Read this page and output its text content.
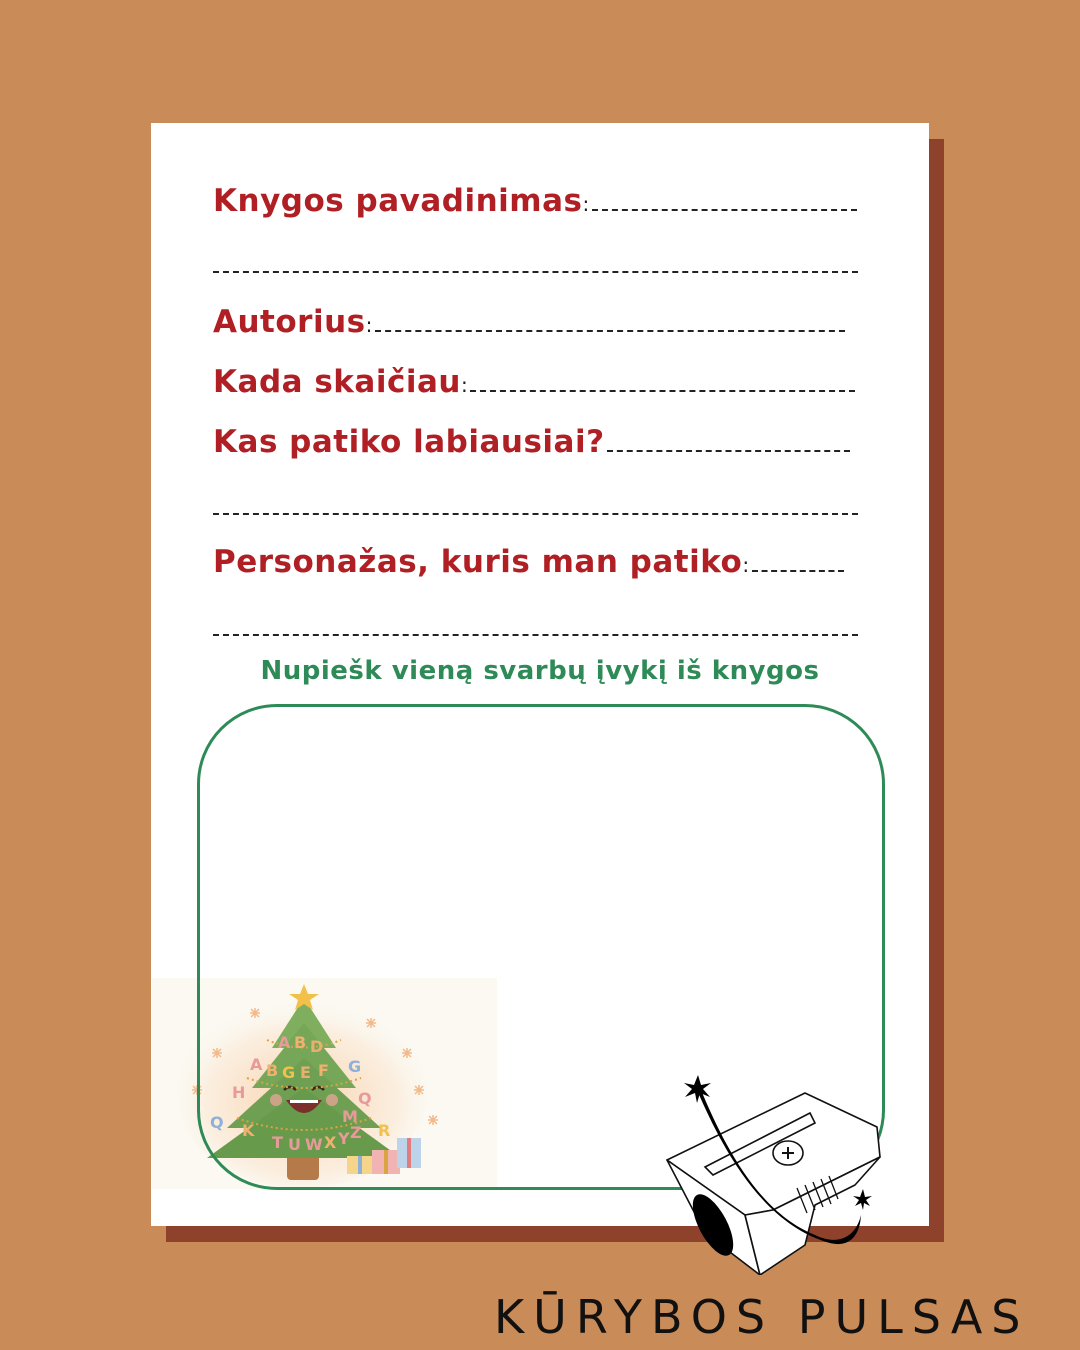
Knygos pavadinimas:
Autorius:
Kada skaičiau:
Kas patiko labiausiai?
Personažas, kuris man patiko:
Nupiešk vieną svarbų įvykį iš knygos
A B D
A B G E F G
H	Q
Q K
T U W X Y Z
M
R
KŪRYBOS PULSAS
